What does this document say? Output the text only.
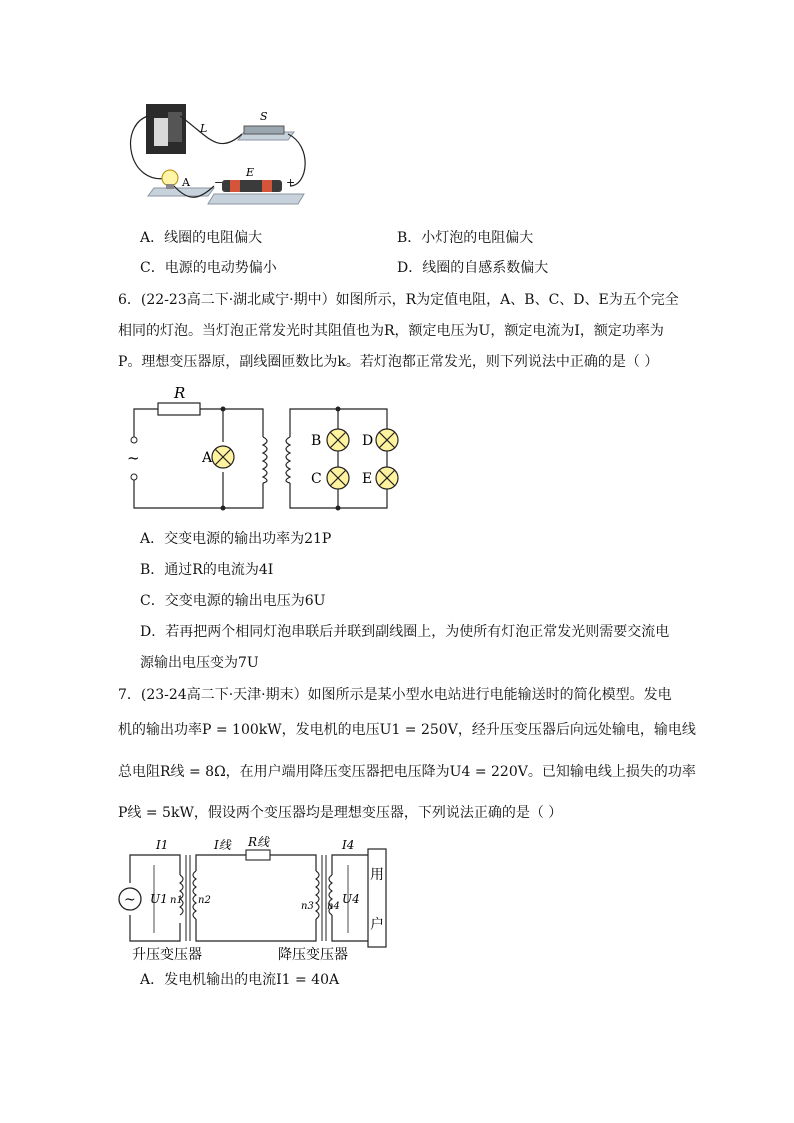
S
L
A
E
−	+
A．线圈的电阻偏大	B．小灯泡的电阻偏大
C．电源的电动势偏小	D．线圈的自感系数偏大
6．(22-23高二下·湖北咸宁·期中）如图所示，R为定值电阻，A、B、C、D、E为五个完全
相同的灯泡。当灯泡正常发光时其阻值也为R，额定电压为U，额定电流为I，额定功率为
P。理想变压器原，副线圈匝数比为k。若灯泡都正常发光，则下列说法中正确的是（ ）
~
R
A
B
C
D
E
A．交变电源的输出功率为21P
B．通过R的电流为4I
C．交变电源的输出电压为6U
D．若再把两个相同灯泡串联后并联到副线圈上，为使所有灯泡正常发光则需要交流电
源输出电压变为7U
7．(23-24高二下·天津·期末）如图所示是某小型水电站进行电能输送时的简化模型。发电
机的输出功率P = 100kW，发电机的电压U1 = 250V，经升压变压器后向远处输电，输电线
总电阻R线 = 8Ω，在用户端用降压变压器把电压降为U4 = 220V。已知输电线上损失的功率
P线 = 5kW，假设两个变压器均是理想变压器，下列说法正确的是（ ）
~
I1
U1 n1 n2
I线 R线
n3 n4
I4
U4
用
户
升压变压器	降压变压器
A．发电机输出的电流I1 = 40A
